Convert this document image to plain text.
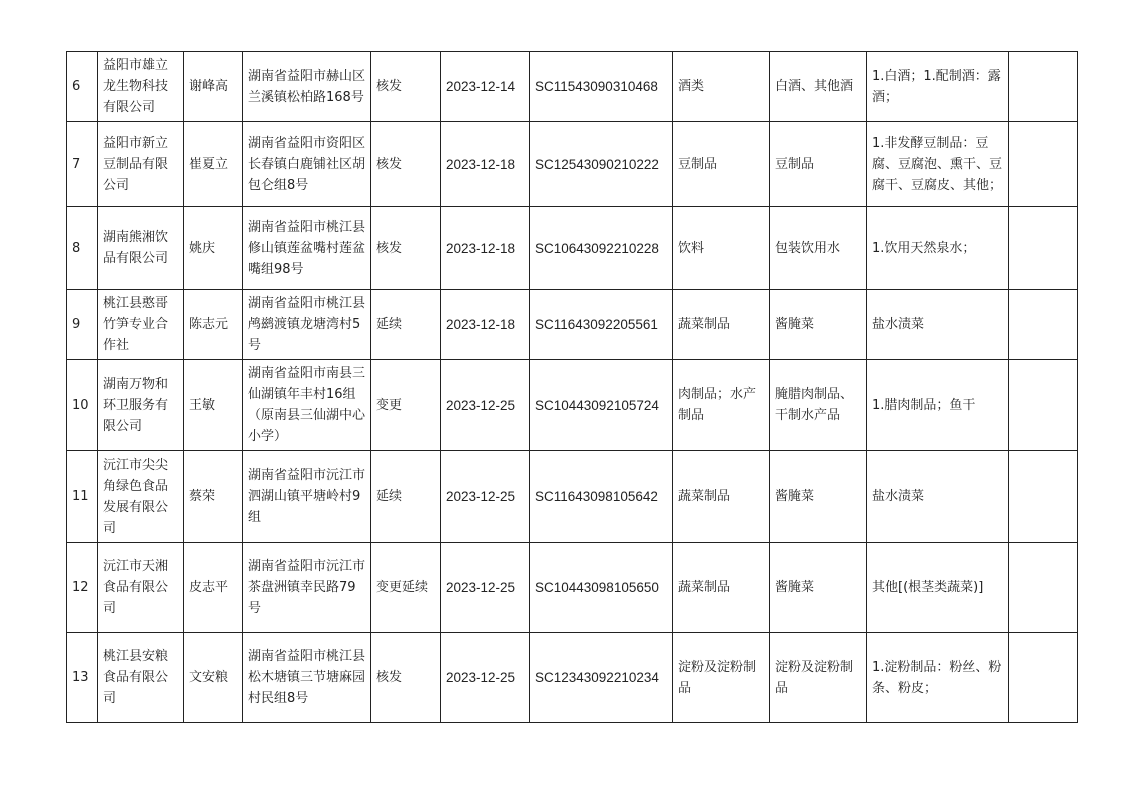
6	益阳市雄立龙生物科技有限公司	谢峰高	湖南省益阳市赫山区兰溪镇松柏路168号	核发	2023-12-14	SC11543090310468	酒类	白酒、其他酒	1.白酒；1.配制酒：露酒；	
7	益阳市新立豆制品有限公司	崔夏立	湖南省益阳市资阳区长春镇白鹿铺社区胡包仑组8号	核发	2023-12-18	SC12543090210222	豆制品	豆制品	1.非发酵豆制品：豆腐、豆腐泡、熏干、豆腐干、豆腐皮、其他；	
8	湖南熊湘饮品有限公司	姚庆	湖南省益阳市桃江县修山镇莲盆嘴村莲盆嘴组98号	核发	2023-12-18	SC10643092210228	饮料	包装饮用水	1.饮用天然泉水；	
9	桃江县憨哥竹笋专业合作社	陈志元	湖南省益阳市桃江县鸬鹚渡镇龙塘湾村5号	延续	2023-12-18	SC11643092205561	蔬菜制品	酱腌菜	盐水渍菜	
10	湖南万物和环卫服务有限公司	王敏	湖南省益阳市南县三仙湖镇年丰村16组（原南县三仙湖中心小学）	变更	2023-12-25	SC10443092105724	肉制品；水产制品	腌腊肉制品、干制水产品	1.腊肉制品；鱼干	
11	沅江市尖尖角绿色食品发展有限公司	蔡荣	湖南省益阳市沅江市泗湖山镇平塘岭村9组	延续	2023-12-25	SC11643098105642	蔬菜制品	酱腌菜	盐水渍菜	
12	沅江市天湘食品有限公司	皮志平	湖南省益阳市沅江市茶盘洲镇幸民路79号	变更延续	2023-12-25	SC10443098105650	蔬菜制品	酱腌菜	其他[(根茎类蔬菜)]	
13	桃江县安粮食品有限公司	文安粮	湖南省益阳市桃江县松木塘镇三节塘麻园村民组8号	核发	2023-12-25	SC12343092210234	淀粉及淀粉制品	淀粉及淀粉制品	1.淀粉制品：粉丝、粉条、粉皮；	
